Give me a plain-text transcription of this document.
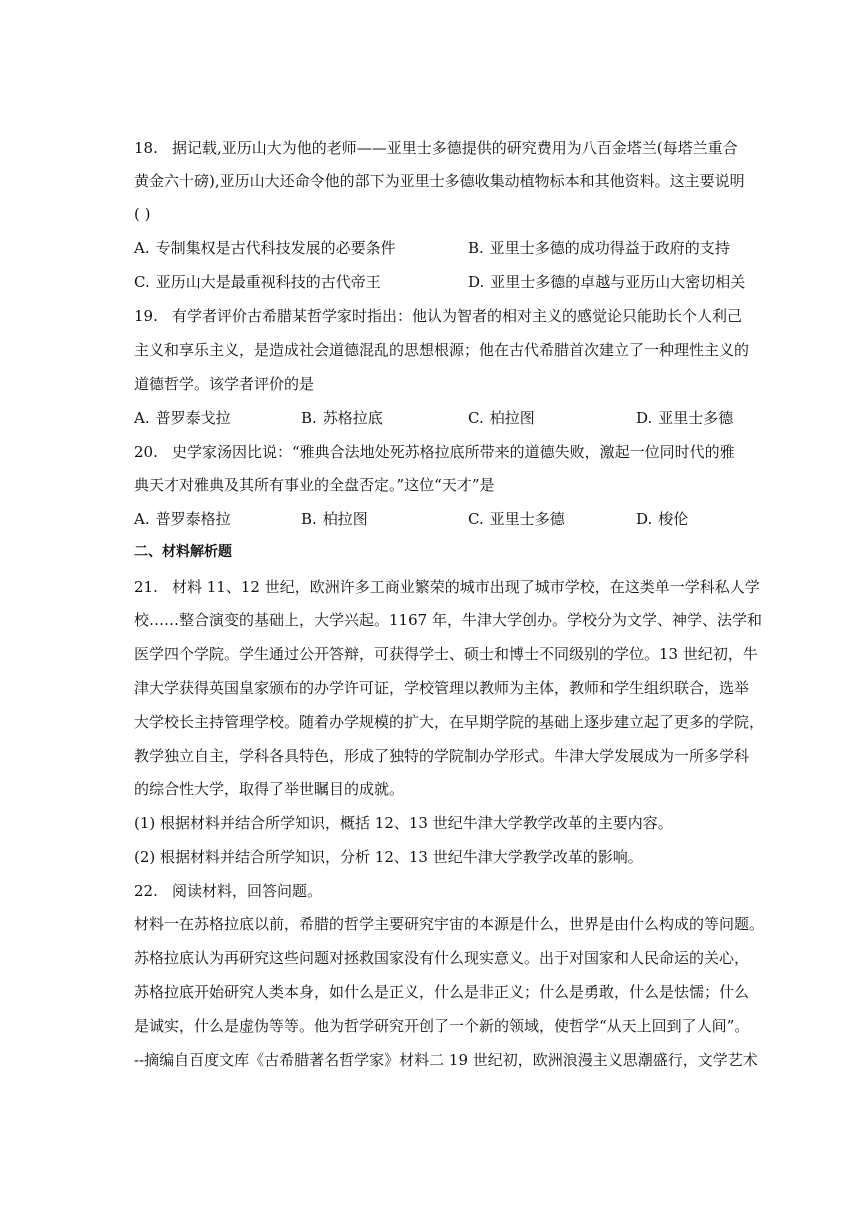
18. 据记载,亚历山大为他的老师——亚里士多德提供的研究费用为八百金塔兰(每塔兰重合
黄金六十磅),亚历山大还命令他的部下为亚里士多德收集动植物标本和其他资料。这主要说明
( )
A. 专制集权是古代科技发展的必要条件	B. 亚里士多德的成功得益于政府的支持
C. 亚历山大是最重视科技的古代帝王	D. 亚里士多德的卓越与亚历山大密切相关
19. 有学者评价古希腊某哲学家时指出：他认为智者的相对主义的感觉论只能助长个人利己
主义和享乐主义，是造成社会道德混乱的思想根源；他在古代希腊首次建立了一种理性主义的
道德哲学。该学者评价的是
A. 普罗泰戈拉	B. 苏格拉底	C. 柏拉图	D. 亚里士多德
20. 史学家汤因比说：“雅典合法地处死苏格拉底所带来的道德失败，激起一位同时代的雅
典天才对雅典及其所有事业的全盘否定。”这位“天才”是
A. 普罗泰格拉	B. 柏拉图	C. 亚里士多德	D. 梭伦
二、材料解析题
21. 材料 11、12 世纪，欧洲许多工商业繁荣的城市出现了城市学校，在这类单一学科私人学
校……整合演变的基础上，大学兴起。1167 年，牛津大学创办。学校分为文学、神学、法学和
医学四个学院。学生通过公开答辩，可获得学士、硕士和博士不同级别的学位。13 世纪初，牛
津大学获得英国皇家颁布的办学许可证，学校管理以教师为主体，教师和学生组织联合，选举
大学校长主持管理学校。随着办学规模的扩大，在早期学院的基础上逐步建立起了更多的学院，
教学独立自主，学科各具特色，形成了独特的学院制办学形式。牛津大学发展成为一所多学科
的综合性大学，取得了举世瞩目的成就。
(1) 根据材料并结合所学知识，概括 12、13 世纪牛津大学教学改革的主要内容。
(2) 根据材料并结合所学知识，分析 12、13 世纪牛津大学教学改革的影响。
22. 阅读材料，回答问题。
材料一在苏格拉底以前，希腊的哲学主要研究宇宙的本源是什么，世界是由什么构成的等问题。
苏格拉底认为再研究这些问题对拯救国家没有什么现实意义。出于对国家和人民命运的关心，
苏格拉底开始研究人类本身，如什么是正义，什么是非正义；什么是勇敢，什么是怯懦；什么
是诚实，什么是虚伪等等。他为哲学研究开创了一个新的领域，使哲学“从天上回到了人间”。
--摘编自百度文库《古希腊著名哲学家》材料二 19 世纪初，欧洲浪漫主义思潮盛行，文学艺术
